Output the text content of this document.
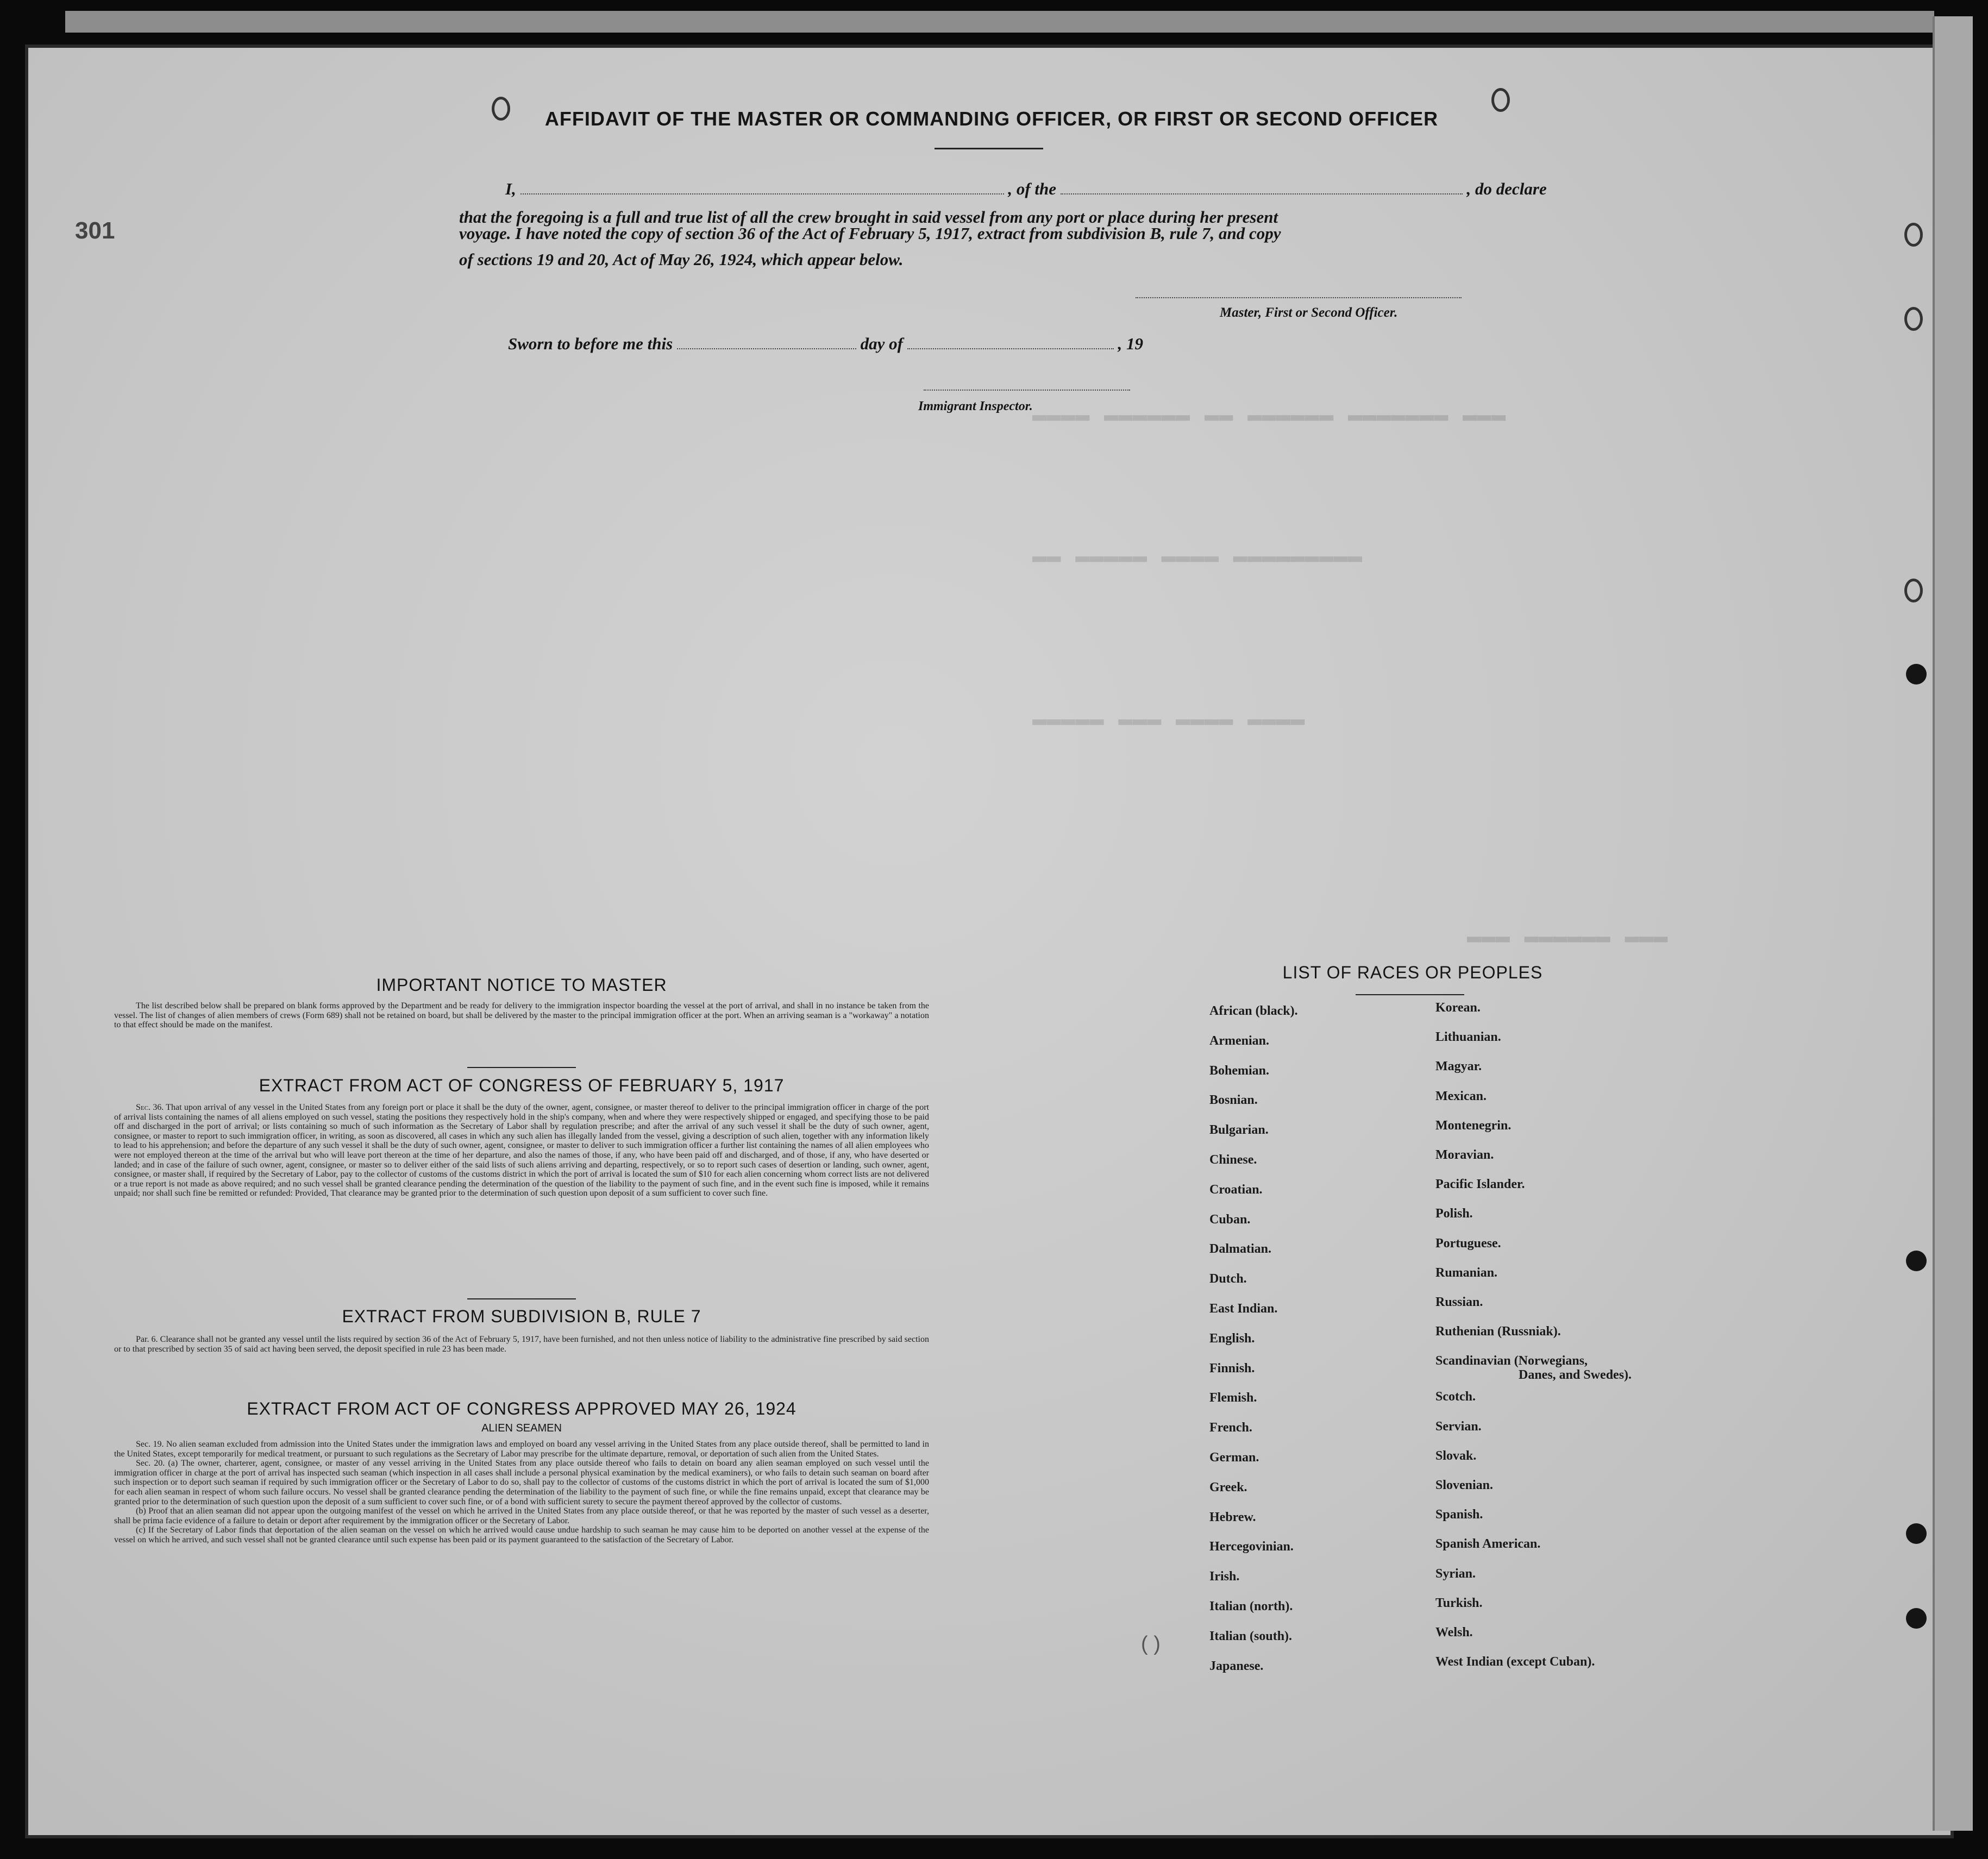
▬▬▬▬ ▬▬▬▬▬▬ ▬▬ ▬▬▬▬▬▬ ▬▬▬▬▬▬▬ ▬▬▬
▬▬ ▬▬▬▬▬ ▬▬▬▬ ▬▬▬▬▬▬▬▬▬
▬▬▬▬▬ ▬▬▬ ▬▬▬▬ ▬▬▬▬
▬▬▬ ▬▬▬▬▬▬ ▬▬▬
301
AFFIDAVIT OF THE MASTER OR COMMANDING OFFICER, OR FIRST OR SECOND OFFICER
I,	, of the	, do declare
that the foregoing is a full and true list of all the crew brought in said vessel from any port or place during her present
voyage. I have noted the copy of section 36 of the Act of February 5, 1917, extract from subdivision B, rule 7, and copy
of sections 19 and 20, Act of May 26, 1924, which appear below.
Master, First or Second Officer.
Sworn to before me this	day of	, 19
Immigrant Inspector.
IMPORTANT NOTICE TO MASTER
The list described below shall be prepared on blank forms approved by the Department and be ready for delivery to the immigration inspector boarding the vessel at the port of arrival, and shall in no instance be taken from the vessel. The list of changes of alien members of crews (Form 689) shall not be retained on board, but shall be delivered by the master to the principal immigration officer at the port. When an arriving seaman is a "workaway" a notation to that effect should be made on the manifest.
EXTRACT FROM ACT OF CONGRESS OF FEBRUARY 5, 1917
Sec. 36. That upon arrival of any vessel in the United States from any foreign port or place it shall be the duty of the owner, agent, consignee, or master thereof to deliver to the principal immigration officer in charge of the port of arrival lists containing the names of all aliens employed on such vessel, stating the positions they respectively hold in the ship's company, when and where they were respectively shipped or engaged, and specifying those to be paid off and discharged in the port of arrival; or lists containing so much of such information as the Secretary of Labor shall by regulation prescribe; and after the arrival of any such vessel it shall be the duty of such owner, agent, consignee, or master to report to such immigration officer, in writing, as soon as discovered, all cases in which any such alien has illegally landed from the vessel, giving a description of such alien, together with any information likely to lead to his apprehension; and before the departure of any such vessel it shall be the duty of such owner, agent, consignee, or master to deliver to such immigration officer a further list containing the names of all alien employees who were not employed thereon at the time of the arrival but who will leave port thereon at the time of her departure, and also the names of those, if any, who have been paid off and discharged, and of those, if any, who have deserted or landed; and in case of the failure of such owner, agent, consignee, or master so to deliver either of the said lists of such aliens arriving and departing, respectively, or so to report such cases of desertion or landing, such owner, agent, consignee, or master shall, if required by the Secretary of Labor, pay to the collector of customs of the customs district in which the port of arrival is located the sum of $10 for each alien concerning whom correct lists are not delivered or a true report is not made as above required; and no such vessel shall be granted clearance pending the determination of the question of the liability to the payment of such fine, and in the event such fine is imposed, while it remains unpaid; nor shall such fine be remitted or refunded: Provided, That clearance may be granted prior to the determination of such question upon deposit of a sum sufficient to cover such fine.
EXTRACT FROM SUBDIVISION B, RULE 7
Par. 6. Clearance shall not be granted any vessel until the lists required by section 36 of the Act of February 5, 1917, have been furnished, and not then unless notice of liability to the administrative fine prescribed by said section or to that prescribed by section 35 of said act having been served, the deposit specified in rule 23 has been made.
EXTRACT FROM ACT OF CONGRESS APPROVED MAY 26, 1924
ALIEN SEAMEN
Sec. 19. No alien seaman excluded from admission into the United States under the immigration laws and employed on board any vessel arriving in the United States from any place outside thereof, shall be permitted to land in the United States, except temporarily for medical treatment, or pursuant to such regulations as the Secretary of Labor may prescribe for the ultimate departure, removal, or deportation of such alien from the United States.
Sec. 20. (a) The owner, charterer, agent, consignee, or master of any vessel arriving in the United States from any place outside thereof who fails to detain on board any alien seaman employed on such vessel until the immigration officer in charge at the port of arrival has inspected such seaman (which inspection in all cases shall include a personal physical examination by the medical examiners), or who fails to detain such seaman on board after such inspection or to deport such seaman if required by such immigration officer or the Secretary of Labor to do so, shall pay to the collector of customs of the customs district in which the port of arrival is located the sum of $1,000 for each alien seaman in respect of whom such failure occurs. No vessel shall be granted clearance pending the determination of the liability to the payment of such fine, or while the fine remains unpaid, except that clearance may be granted prior to the determination of such question upon the deposit of a sum sufficient to cover such fine, or of a bond with sufficient surety to secure the payment thereof approved by the collector of customs.
(b) Proof that an alien seaman did not appear upon the outgoing manifest of the vessel on which he arrived in the United States from any place outside thereof, or that he was reported by the master of such vessel as a deserter, shall be prima facie evidence of a failure to detain or deport after requirement by the immigration officer or the Secretary of Labor.
(c) If the Secretary of Labor finds that deportation of the alien seaman on the vessel on which he arrived would cause undue hardship to such seaman he may cause him to be deported on another vessel at the expense of the vessel on which he arrived, and such vessel shall not be granted clearance until such expense has been paid or its payment guaranteed to the satisfaction of the Secretary of Labor.
( )
LIST OF RACES OR PEOPLES
African (black).
Armenian.
Bohemian.
Bosnian.
Bulgarian.
Chinese.
Croatian.
Cuban.
Dalmatian.
Dutch.
East Indian.
English.
Finnish.
Flemish.
French.
German.
Greek.
Hebrew.
Hercegovinian.
Irish.
Italian (north).
Italian (south).
Japanese.
Korean.
Lithuanian.
Magyar.
Mexican.
Montenegrin.
Moravian.
Pacific Islander.
Polish.
Portuguese.
Rumanian.
Russian.
Ruthenian (Russniak).
Scandinavian (Norwegians,
Danes, and Swedes).
Scotch.
Servian.
Slovak.
Slovenian.
Spanish.
Spanish American.
Syrian.
Turkish.
Welsh.
West Indian (except Cuban).
